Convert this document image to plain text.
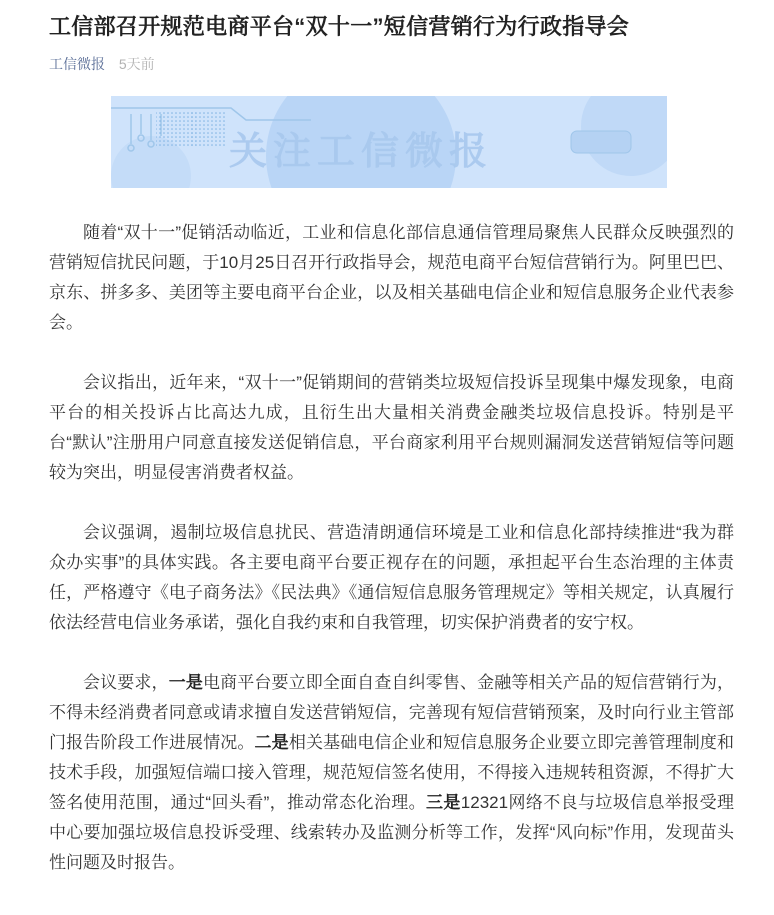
工信部召开规范电商平台“双十一”短信营销行为行政指导会
工信微报 5天前
关注工信微报

随着“双十一”促销活动临近，工业和信息化部信息通信管理局聚焦人民群众反映强烈的营销短信扰民问题，于10月25日召开行政指导会，规范电商平台短信营销行为。阿里巴巴、京东、拼多多、美团等主要电商平台企业，以及相关基础电信企业和短信息服务企业代表参会。

会议指出，近年来，“双十一”促销期间的营销类垃圾短信投诉呈现集中爆发现象，电商平台的相关投诉占比高达九成，且衍生出大量相关消费金融类垃圾信息投诉。特别是平台“默认”注册用户同意直接发送促销信息，平台商家利用平台规则漏洞发送营销短信等问题较为突出，明显侵害消费者权益。

会议强调，遏制垃圾信息扰民、营造清朗通信环境是工业和信息化部持续推进“我为群众办实事”的具体实践。各主要电商平台要正视存在的问题，承担起平台生态治理的主体责任，严格遵守《电子商务法》《民法典》《通信短信息服务管理规定》等相关规定，认真履行依法经营电信业务承诺，强化自我约束和自我管理，切实保护消费者的安宁权。

会议要求，一是电商平台要立即全面自查自纠零售、金融等相关产品的短信营销行为，不得未经消费者同意或请求擅自发送营销短信，完善现有短信营销预案，及时向行业主管部门报告阶段工作进展情况。二是相关基础电信企业和短信息服务企业要立即完善管理制度和技术手段，加强短信端口接入管理，规范短信签名使用，不得接入违规转租资源，不得扩大签名使用范围，通过“回头看”，推动常态化治理。三是12321网络不良与垃圾信息举报受理中心要加强垃圾信息投诉受理、线索转办及监测分析等工作，发挥“风向标”作用，发现苗头性问题及时报告。
